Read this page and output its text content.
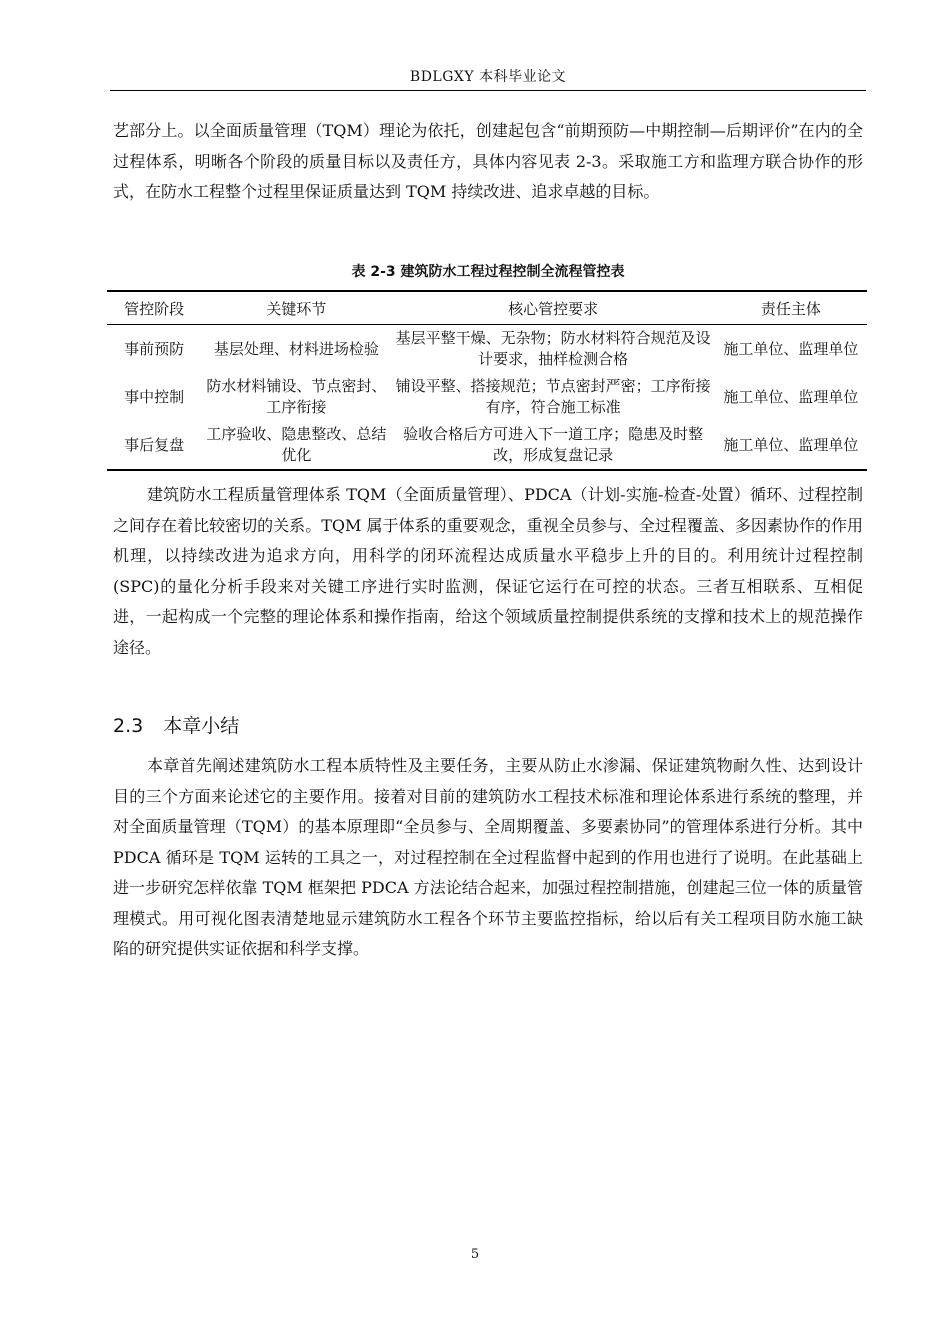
BDLGXY 本科毕业论文

艺部分上。以全面质量管理（TQM）理论为依托，创建起包含“前期预防—中期控制—后期评价”在内的全过程体系，明晰各个阶段的质量目标以及责任方，具体内容见表 2-3。采取施工方和监理方联合协作的形式，在防水工程整个过程里保证质量达到 TQM 持续改进、追求卓越的目标。

表 2-3 建筑防水工程过程控制全流程管控表
管控阶段	关键环节	核心管控要求	责任主体
事前预防	基层处理、材料进场检验	基层平整干燥、无杂物；防水材料符合规范及设计要求，抽样检测合格	施工单位、监理单位
事中控制	防水材料铺设、节点密封、工序衔接	铺设平整、搭接规范；节点密封严密；工序衔接有序，符合施工标准	施工单位、监理单位
事后复盘	工序验收、隐患整改、总结优化	验收合格后方可进入下一道工序；隐患及时整改，形成复盘记录	施工单位、监理单位

建筑防水工程质量管理体系 TQM（全面质量管理）、PDCA（计划-实施-检查-处置）循环、过程控制之间存在着比较密切的关系。TQM 属于体系的重要观念，重视全员参与、全过程覆盖、多因素协作的作用机理，以持续改进为追求方向，用科学的闭环流程达成质量水平稳步上升的目的。利用统计过程控制(SPC)的量化分析手段来对关键工序进行实时监测，保证它运行在可控的状态。三者互相联系、互相促进，一起构成一个完整的理论体系和操作指南，给这个领域质量控制提供系统的支撑和技术上的规范操作途径。

2.3 本章小结

本章首先阐述建筑防水工程本质特性及主要任务，主要从防止水渗漏、保证建筑物耐久性、达到设计目的三个方面来论述它的主要作用。接着对目前的建筑防水工程技术标准和理论体系进行系统的整理，并对全面质量管理（TQM）的基本原理即“全员参与、全周期覆盖、多要素协同”的管理体系进行分析。其中 PDCA 循环是 TQM 运转的工具之一，对过程控制在全过程监督中起到的作用也进行了说明。在此基础上进一步研究怎样依靠 TQM 框架把 PDCA 方法论结合起来，加强过程控制措施，创建起三位一体的质量管理模式。用可视化图表清楚地显示建筑防水工程各个环节主要监控指标，给以后有关工程项目防水施工缺陷的研究提供实证依据和科学支撑。

5
